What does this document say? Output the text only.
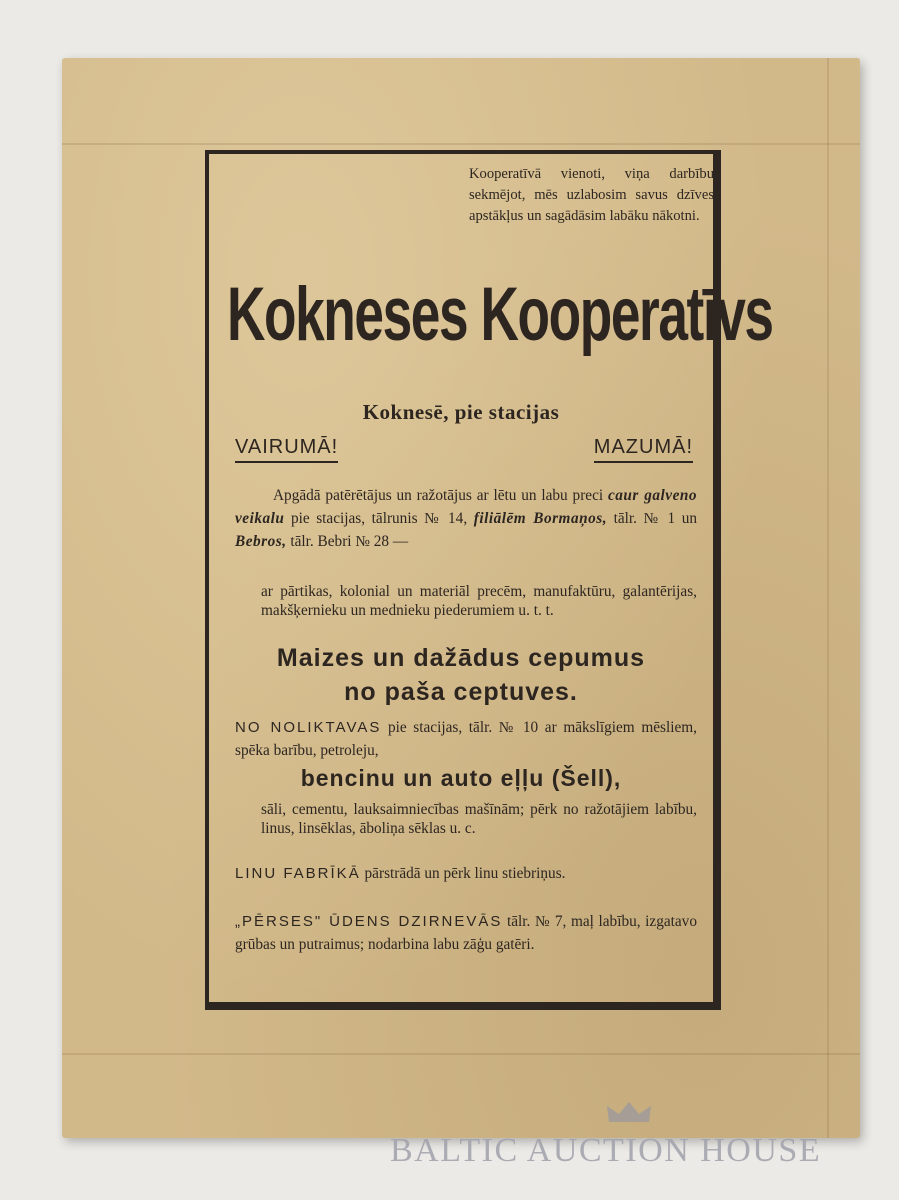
Kooperatīvā vienoti, viņa darbību sekmējot, mēs uzlabosim savus dzīves apstākļus un sagādāsim labāku nākotni.
Kokneses Kooperatīvs
Koknesē, pie stacijas
VAIRUMĀ!	MAZUMĀ!
Apgādā patērētājus un ražotājus ar lētu un labu preci caur galveno veikalu pie stacijas, tālrunis № 14, filiālēm Bormaņos, tālr. № 1 un Bebros, tālr. Bebri № 28 —
ar pārtikas, kolonial un materiāl precēm, manufaktūru, galantērijas, makšķernieku un mednieku piederumiem u. t. t.
Maizes un dažādus cepumus
no paša ceptuves.
NO NOLIKTAVAS pie stacijas, tālr. № 10 ar mākslīgiem mēsliem, spēka barību, petroleju,
bencinu un auto eļļu (Šell),
sāli, cementu, lauksaimniecības mašīnām; pērk no ražotājiem labību, linus, linsēklas, āboliņa sēklas u. c.
LINU FABRĪKĀ pārstrādā un pērk linu stiebriņus.
„PĒRSES" ŪDENS DZIRNEVĀS tālr. № 7, maļ labību, izgatavo grūbas un putraimus; nodarbina labu zāģu gatēri.
BALTIC AUCTION HOUSE
